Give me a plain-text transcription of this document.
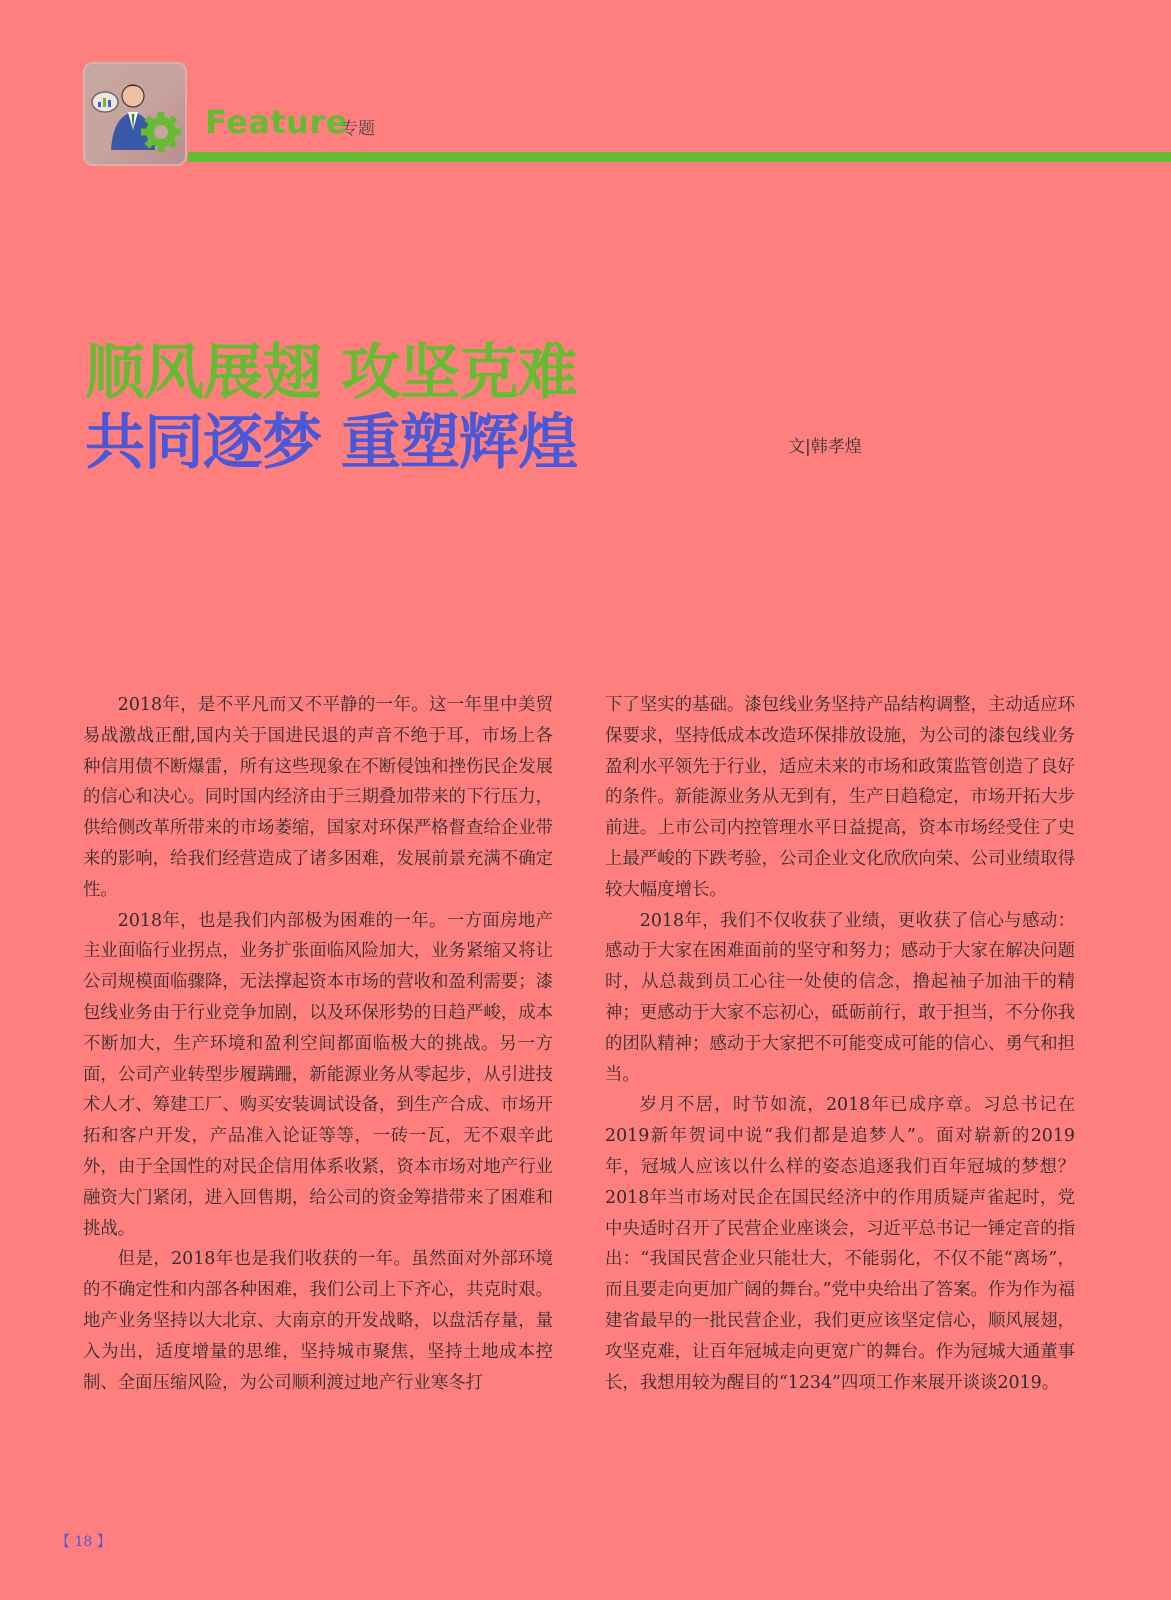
Feature
专题
顺风展翅 攻坚克难
共同逐梦 重塑辉煌	文|韩孝煌

2018年，是不平凡而又不平静的一年。这一年里中美贸易战激战正酣,国内关于国进民退的声音不绝于耳，市场上各种信用债不断爆雷，所有这些现象在不断侵蚀和挫伤民企发展的信心和决心。同时国内经济由于三期叠加带来的下行压力，供给侧改革所带来的市场萎缩，国家对环保严格督查给企业带来的影响，给我们经营造成了诸多困难，发展前景充满不确定性。

2018年，也是我们内部极为困难的一年。一方面房地产主业面临行业拐点，业务扩张面临风险加大，业务紧缩又将让公司规模面临骤降，无法撑起资本市场的营收和盈利需要；漆包线业务由于行业竞争加剧，以及环保形势的日趋严峻，成本不断加大，生产环境和盈利空间都面临极大的挑战。另一方面，公司产业转型步履蹒跚，新能源业务从零起步，从引进技术人才、筹建工厂、购买安装调试设备，到生产合成、市场开拓和客户开发，产品准入论证等等，一砖一瓦，无不艰辛此外，由于全国性的对民企信用体系收紧，资本市场对地产行业融资大门紧闭，进入回售期，给公司的资金筹措带来了困难和挑战。

但是，2018年也是我们收获的一年。虽然面对外部环境的不确定性和内部各种困难，我们公司上下齐心，共克时艰。地产业务坚持以大北京、大南京的开发战略，以盘活存量，量入为出，适度增量的思维，坚持城市聚焦，坚持土地成本控制、全面压缩风险，为公司顺利渡过地产行业寒冬打

下了坚实的基础。漆包线业务坚持产品结构调整，主动适应环保要求，坚持低成本改造环保排放设施，为公司的漆包线业务盈利水平领先于行业，适应未来的市场和政策监管创造了良好的条件。新能源业务从无到有，生产日趋稳定，市场开拓大步前进。上市公司内控管理水平日益提高，资本市场经受住了史上最严峻的下跌考验，公司企业文化欣欣向荣、公司业绩取得较大幅度增长。

2018年，我们不仅收获了业绩，更收获了信心与感动：感动于大家在困难面前的坚守和努力；感动于大家在解决问题时，从总裁到员工心往一处使的信念，撸起袖子加油干的精神；更感动于大家不忘初心，砥砺前行，敢于担当，不分你我的团队精神；感动于大家把不可能变成可能的信心、勇气和担当。

岁月不居，时节如流，2018年已成序章。习总书记在2019新年贺词中说“我们都是追梦人”。面对崭新的2019年，冠城人应该以什么样的姿态追逐我们百年冠城的梦想？2018年当市场对民企在国民经济中的作用质疑声雀起时，党中央适时召开了民营企业座谈会，习近平总书记一锤定音的指出：“我国民营企业只能壮大，不能弱化，不仅不能“离场”，而且要走向更加广阔的舞台。”党中央给出了答案。作为作为福建省最早的一批民营企业，我们更应该坚定信心，顺风展翅，攻坚克难，让百年冠城走向更宽广的舞台。作为冠城大通董事长，我想用较为醒目的“1234”四项工作来展开谈谈2019。

【 18 】
